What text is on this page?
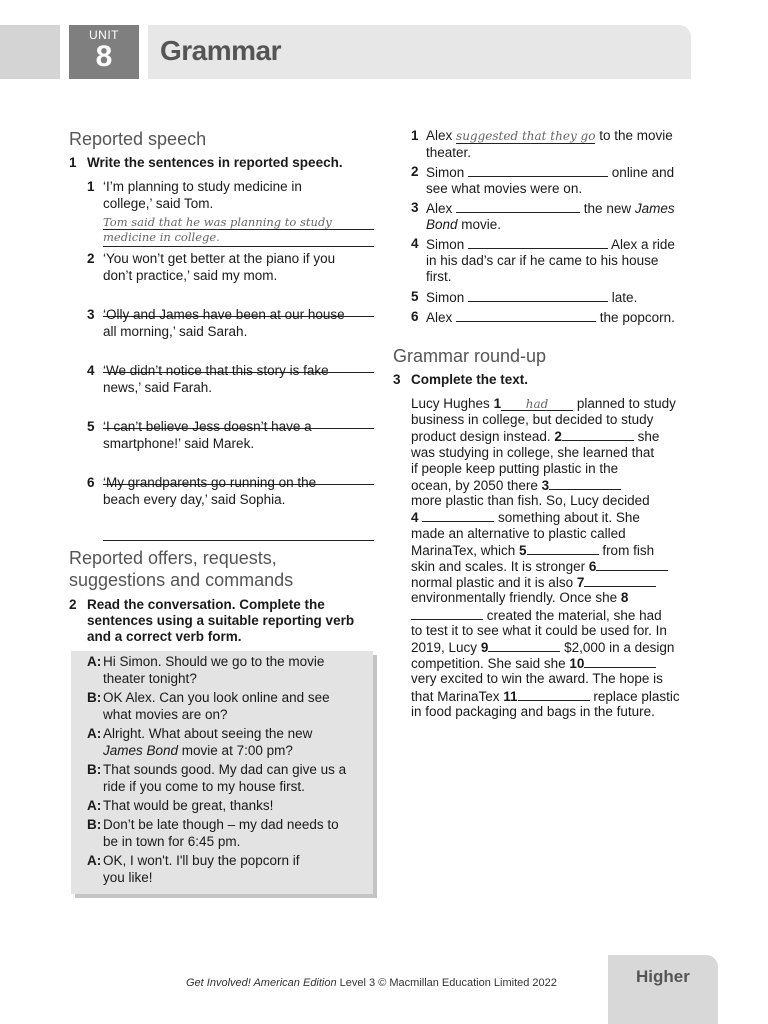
UNIT
8	Grammar
Reported speech
1 Write the sentences in reported speech.
1 ‘I’m planning to study medicine in
college,’ said Tom.
Tom said that he was planning to study
medicine in college.
2 ‘You won’t get better at the piano if you
don’t practice,’ said my mom.
3 ‘Olly and James have been at our house
all morning,’ said Sarah.
4 ‘We didn’t notice that this story is fake
news,’ said Farah.
5 ‘I can’t believe Jess doesn’t have a
smartphone!’ said Marek.
6 ‘My grandparents go running on the
beach every day,’ said Sophia.
Reported offers, requests,
suggestions and commands
2 Read the conversation. Complete the
sentences using a suitable reporting verb
and a correct verb form.
A: Hi Simon. Should we go to the movie
theater tonight?
B: OK Alex. Can you look online and see
what movies are on?
A: Alright. What about seeing the new
James Bond movie at 7:00 pm?
B: That sounds good. My dad can give us a
ride if you come to my house first.
A: That would be great, thanks!
B: Don’t be late though – my dad needs to
be in town for 6:45 pm.
A: OK, I won't. I'll buy the popcorn if
you like!
1 Alex suggested that they go to the movie
theater.
2 Simon	online and
see what movies were on.
3 Alex	the new James
Bond movie.
4 Simon	Alex a ride
in his dad’s car if he came to his house
first.
5 Simon	late.
6 Alex	the popcorn.
Grammar round-up
3 Complete the text.
Lucy Hughes 1 had planned to study
business in college, but decided to study
product design instead. 2	she
was studying in college, she learned that
if people keep putting plastic in the
ocean, by 2050 there 3
more plastic than fish. So, Lucy decided
4	something about it. She
made an alternative to plastic called
MarinaTex, which 5	from fish
skin and scales. It is stronger 6
normal plastic and it is also 7
environmentally friendly. Once she 8
created the material, she had
to test it to see what it could be used for. In
2019, Lucy 9	$2,000 in a design
competition. She said she 10
very excited to win the award. The hope is
that MarinaTex 11	replace plastic
in food packaging and bags in the future.
Get Involved! American Edition Level 3 © Macmillan Education Limited 2022	Higher
